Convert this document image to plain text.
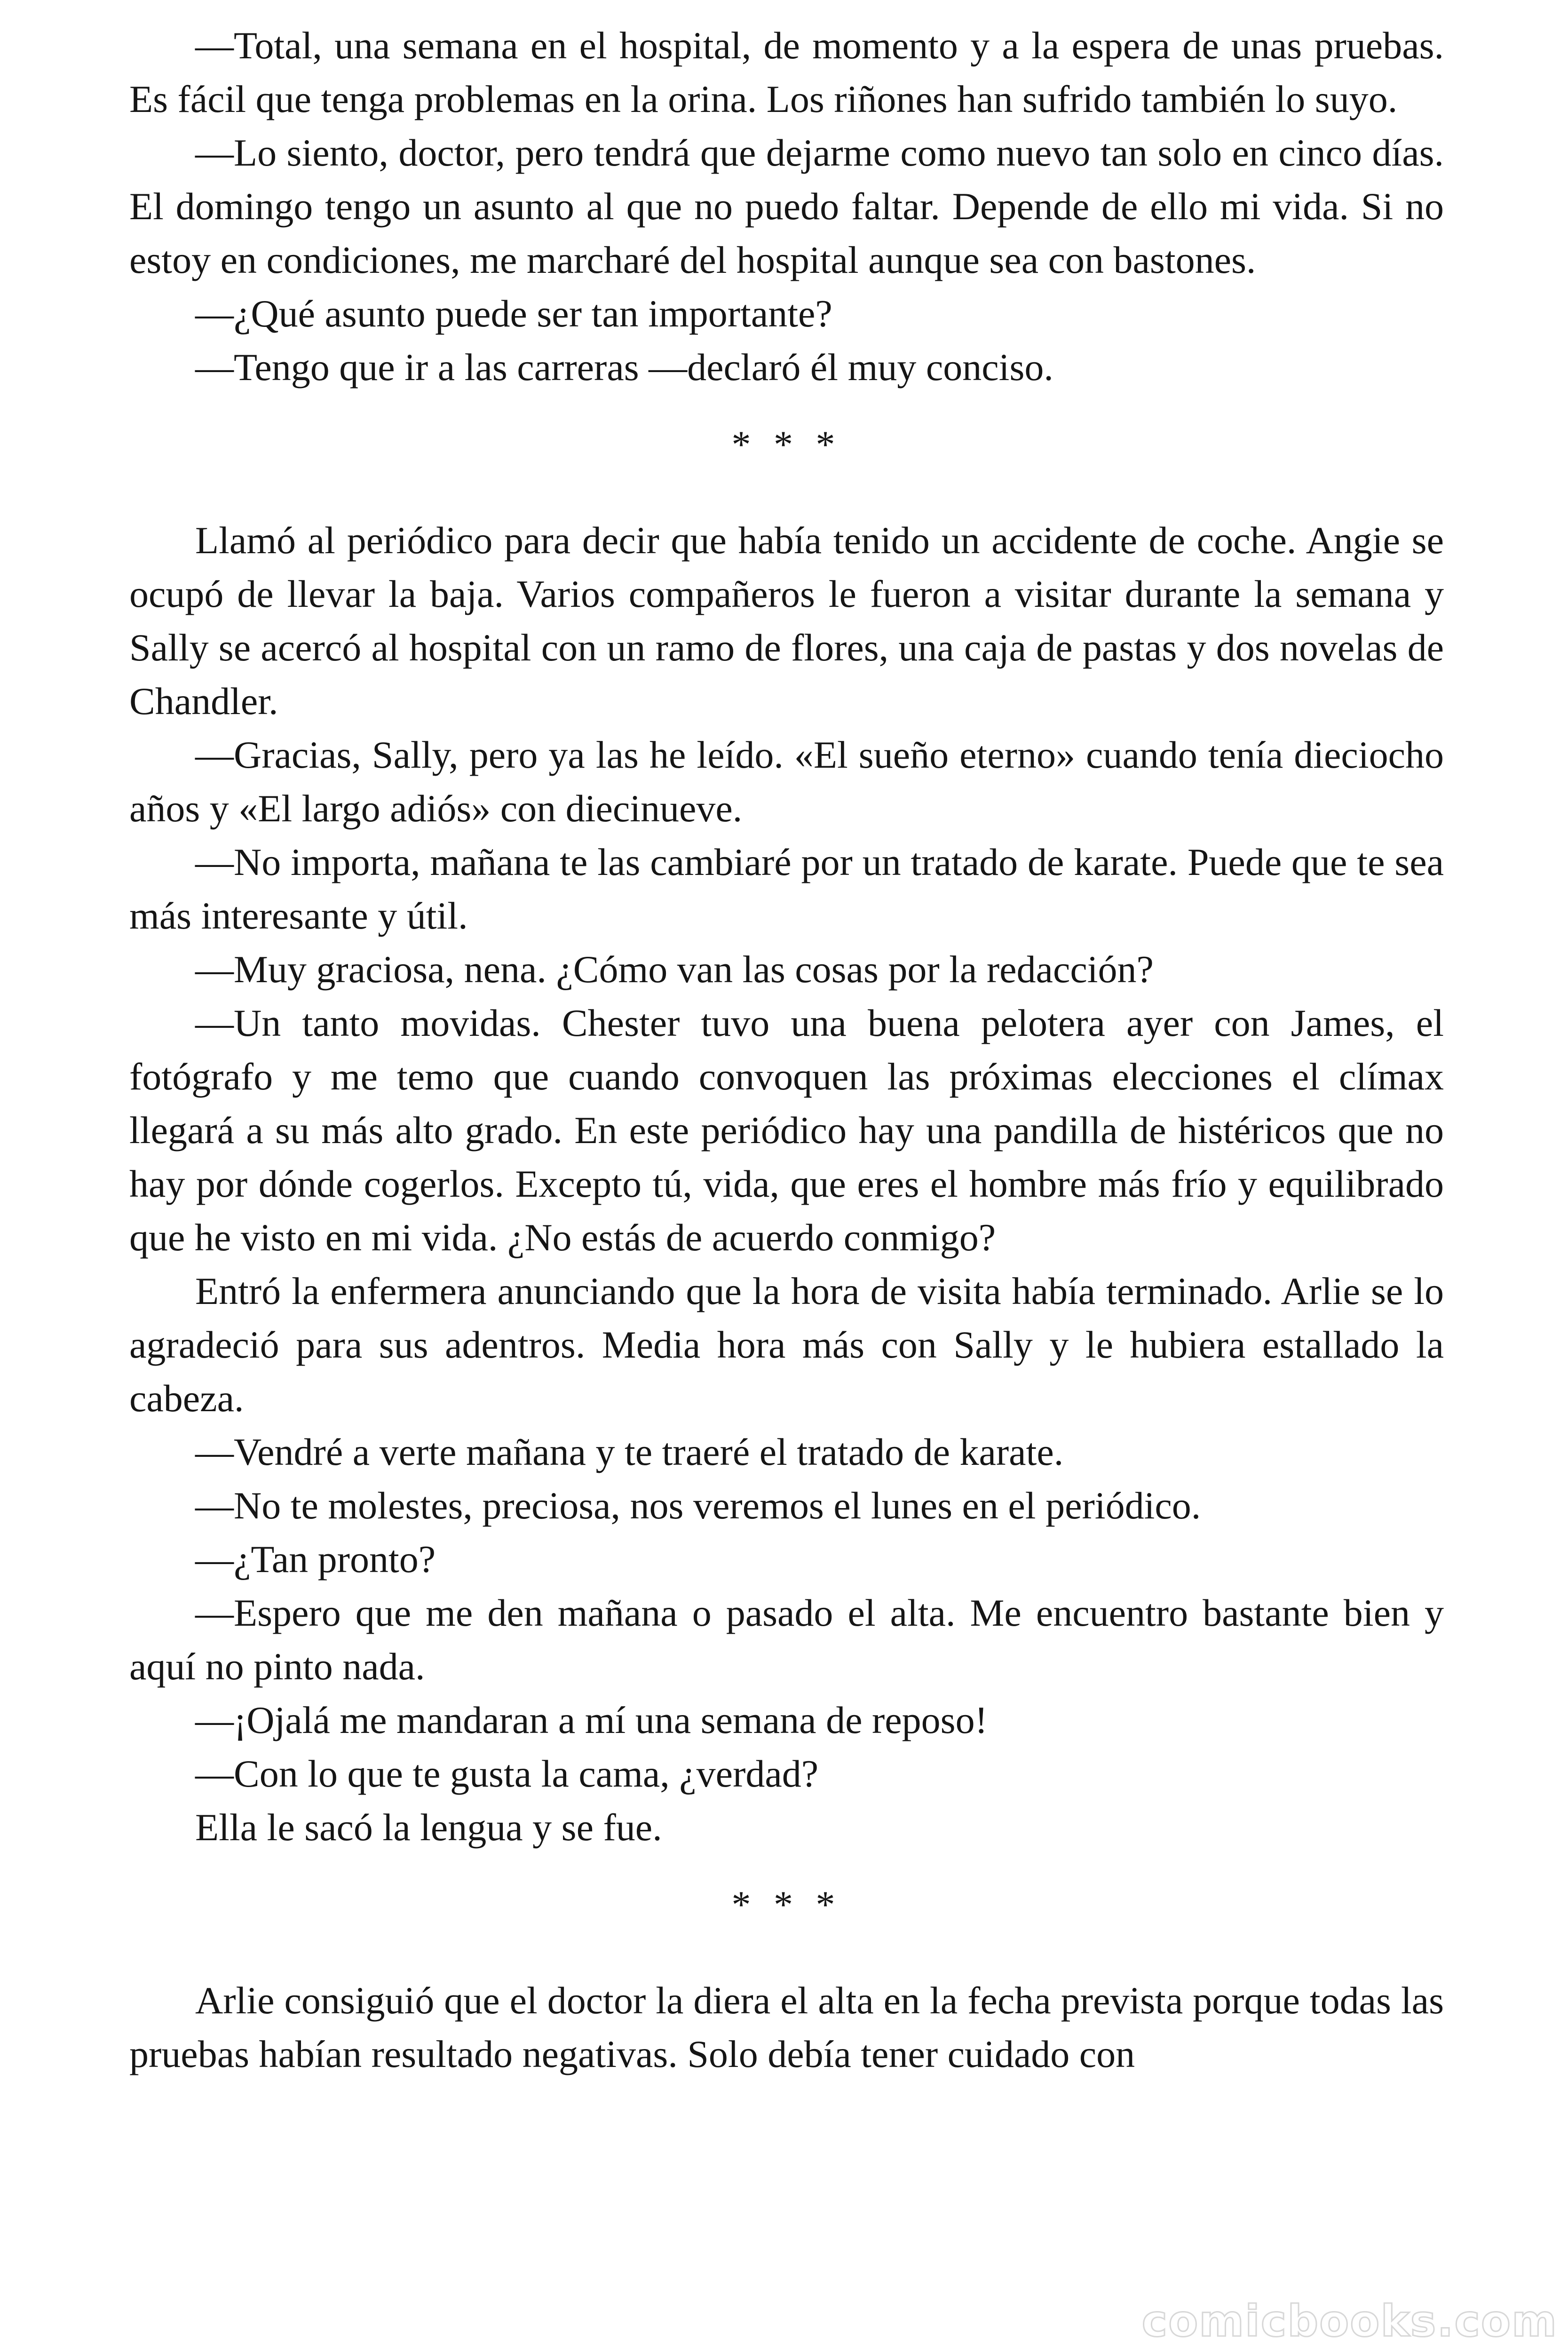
—Total, una semana en el hospital, de momento y a la espera de unas pruebas. Es fácil que tenga problemas en la orina. Los riñones han sufrido también lo suyo.

—Lo siento, doctor, pero tendrá que dejarme como nuevo tan solo en cinco días. El domingo tengo un asunto al que no puedo faltar. Depende de ello mi vida. Si no estoy en condiciones, me marcharé del hospital aunque sea con bastones.

—¿Qué asunto puede ser tan importante?

—Tengo que ir a las carreras —declaró él muy conciso.

* * *

Llamó al periódico para decir que había tenido un accidente de coche. Angie se ocupó de llevar la baja. Varios compañeros le fueron a visitar durante la semana y Sally se acercó al hospital con un ramo de flores, una caja de pastas y dos novelas de Chandler.

—Gracias, Sally, pero ya las he leído. «El sueño eterno» cuando tenía dieciocho años y «El largo adiós» con diecinueve.

—No importa, mañana te las cambiaré por un tratado de karate. Puede que te sea más interesante y útil.

—Muy graciosa, nena. ¿Cómo van las cosas por la redacción?

—Un tanto movidas. Chester tuvo una buena pelotera ayer con James, el fotógrafo y me temo que cuando convoquen las próximas elecciones el clímax llegará a su más alto grado. En este periódico hay una pandilla de histéricos que no hay por dónde cogerlos. Excepto tú, vida, que eres el hombre más frío y equilibrado que he visto en mi vida. ¿No estás de acuerdo conmigo?

Entró la enfermera anunciando que la hora de visita había terminado. Arlie se lo agradeció para sus adentros. Media hora más con Sally y le hubiera estallado la cabeza.

—Vendré a verte mañana y te traeré el tratado de karate.

—No te molestes, preciosa, nos veremos el lunes en el periódico.

—¿Tan pronto?

—Espero que me den mañana o pasado el alta. Me encuentro bastante bien y aquí no pinto nada.

—¡Ojalá me mandaran a mí una semana de reposo!

—Con lo que te gusta la cama, ¿verdad?

Ella le sacó la lengua y se fue.

* * *

Arlie consiguió que el doctor la diera el alta en la fecha prevista porque todas las pruebas habían resultado negativas. Solo debía tener cuidado con

comicbooks.com
